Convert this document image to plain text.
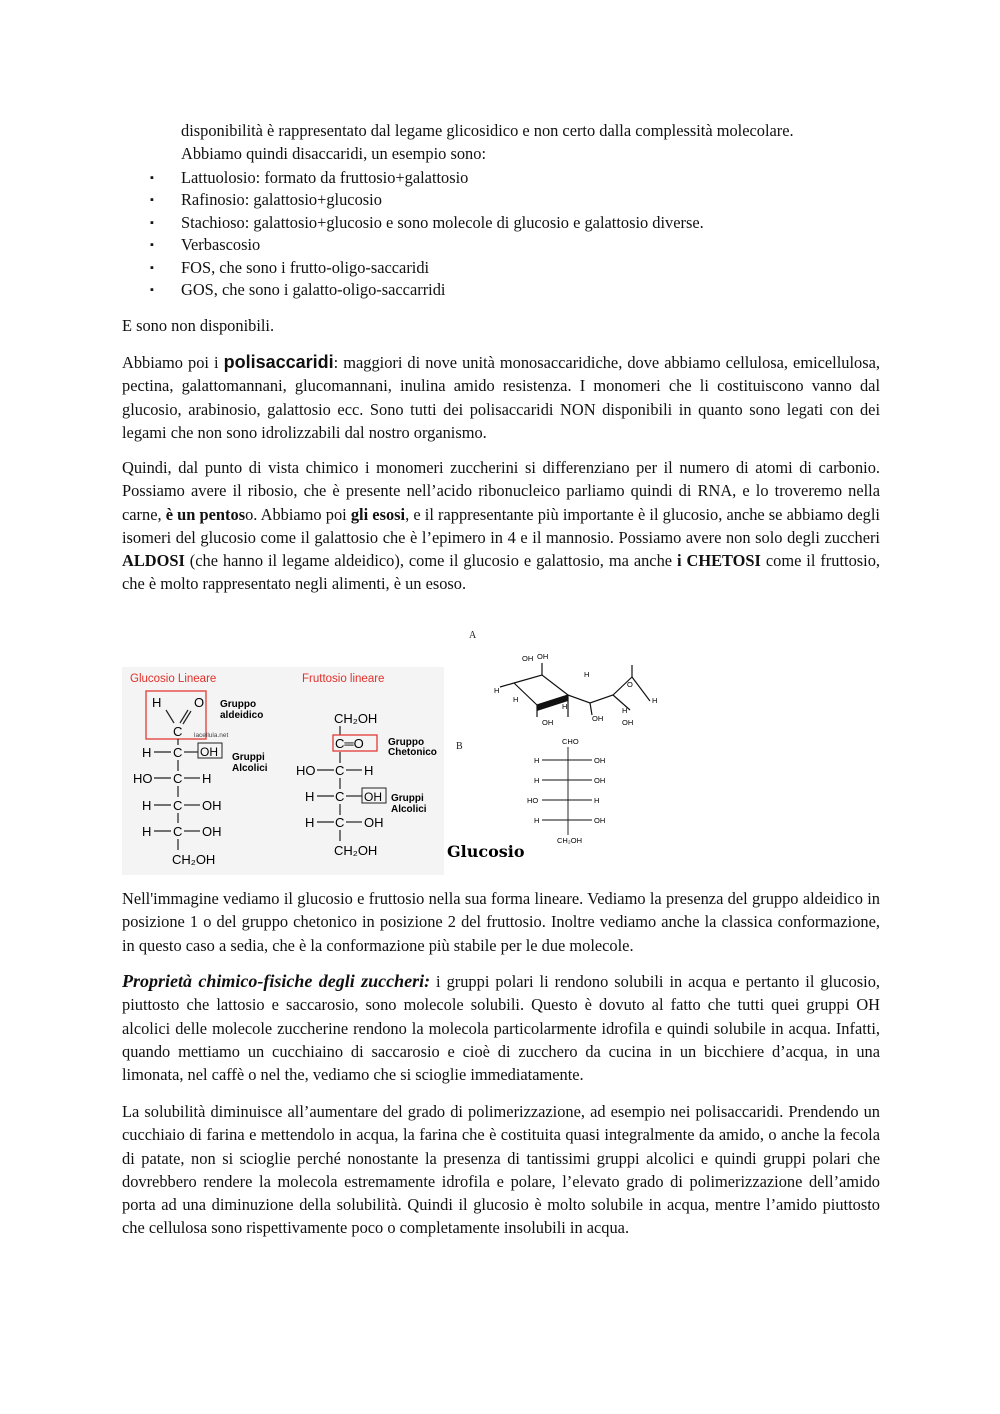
disponibilità è rappresentato dal legame glicosidico e non certo dalla complessità molecolare.

Abbiamo quindi disaccaridi, un esempio sono:

▪ Lattuolosio: formato da fruttosio+galattosio
▪ Rafinosio: galattosio+glucosio
▪ Stachioso: galattosio+glucosio e sono molecole di glucosio e galattosio diverse.
▪ Verbascosio
▪ FOS, che sono i frutto-oligo-saccaridi
▪ GOS, che sono i galatto-oligo-saccarridi

E sono non disponibili.

Abbiamo poi i polisaccaridi: maggiori di nove unità monosaccaridiche, dove abbiamo cellulosa, emicellulosa, pectina, galattomannani, glucomannani, inulina amido resistenza. I monomeri che li costituiscono vanno dal glucosio, arabinosio, galattosio ecc. Sono tutti dei polisaccaridi NON disponibili in quanto sono legati con dei legami che non sono idrolizzabili dal nostro organismo.

Quindi, dal punto di vista chimico i monomeri zuccherini si differenziano per il numero di atomi di carbonio. Possiamo avere il ribosio, che è presente nell’acido ribonucleico parliamo quindi di RNA, e lo troveremo nella carne, è un pentoso. Abbiamo poi gli esosi, e il rappresentante più importante è il glucosio, anche se abbiamo degli isomeri del glucosio come il galattosio che è l’epimero in 4 e il mannosio. Possiamo avere non solo degli zuccheri ALDOSI (che hanno il legame aldeidico), come il glucosio e galattosio, ma anche i CHETOSI come il fruttosio, che è molto rappresentato negli alimenti, è un esoso.

Glucosio Lineare
H	O
C lacellula.net
Gruppo
aldeidico
H C OH Gruppi
Alcolici
HO C H
H C OH
H C OH
CH₂OH
Fruttosio lineare
CH₂OH
C═O Gruppo
Chetonico
HO C H
H C OH Gruppi
Alcolici
H C OH
CH₂OH
A
B
OH OH
H
H
H
H
O
H
OH	OH	OH
H
CHO
H	OH
H	OH
HO	H
H	OH
CH₂OH
Glucosio

Nell'immagine vediamo il glucosio e fruttosio nella sua forma lineare. Vediamo la presenza del gruppo aldeidico in posizione 1 o del gruppo chetonico in posizione 2 del fruttosio. Inoltre vediamo anche la classica conformazione, in questo caso a sedia, che è la conformazione più stabile per le due molecole.

Proprietà chimico-fisiche degli zuccheri: i gruppi polari li rendono solubili in acqua e pertanto il glucosio, piuttosto che lattosio e saccarosio, sono molecole solubili. Questo è dovuto al fatto che tutti quei gruppi OH alcolici delle molecole zuccherine rendono la molecola particolarmente idrofila e quindi solubile in acqua. Infatti, quando mettiamo un cucchiaino di saccarosio e cioè di zucchero da cucina in un bicchiere d’acqua, in una limonata, nel caffè o nel the, vediamo che si scioglie immediatamente.

La solubilità diminuisce all’aumentare del grado di polimerizzazione, ad esempio nei polisaccaridi. Prendendo un cucchiaio di farina e mettendolo in acqua, la farina che è costituita quasi integralmente da amido, o anche la fecola di patate, non si scioglie perché nonostante la presenza di tantissimi gruppi alcolici e quindi gruppi polari che dovrebbero rendere la molecola estremamente idrofila e polare, l’elevato grado di polimerizzazione dell’amido porta ad una diminuzione della solubilità. Quindi il glucosio è molto solubile in acqua, mentre l’amido piuttosto che cellulosa sono rispettivamente poco o completamente insolubili in acqua.
